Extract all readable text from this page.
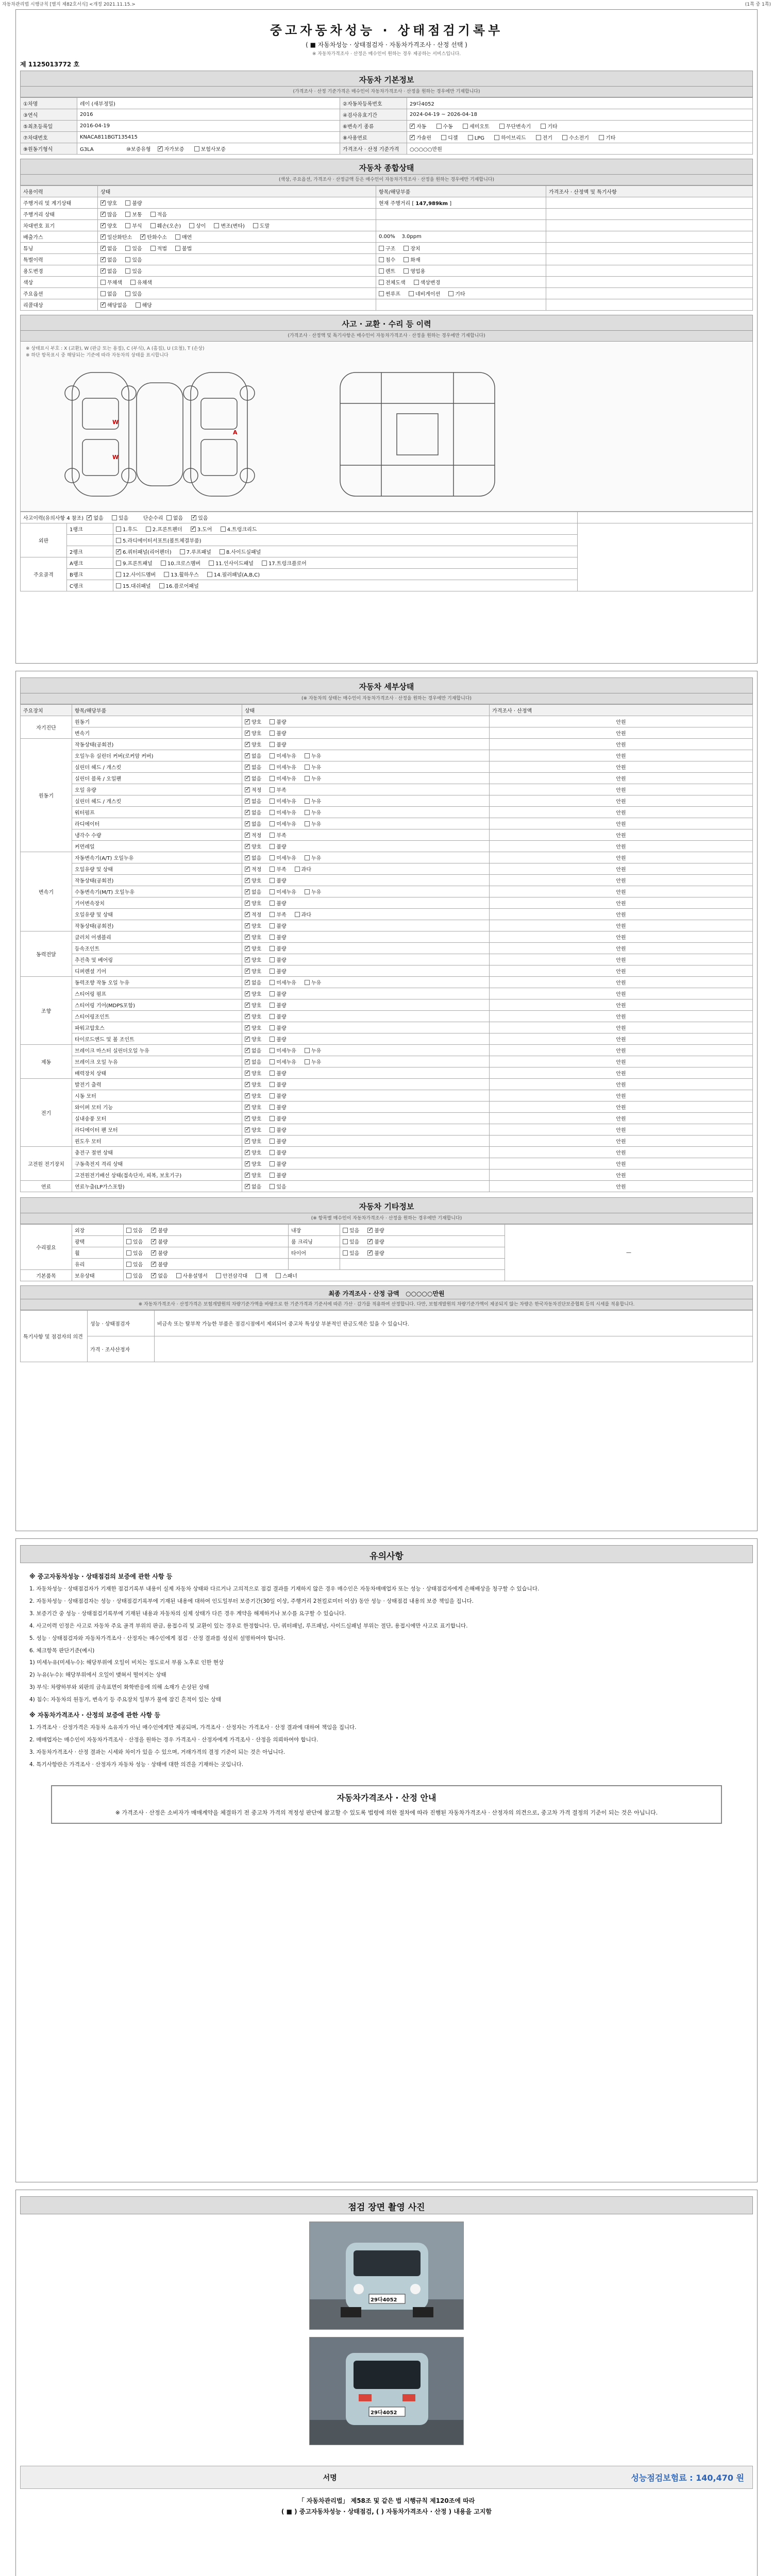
자동차관리법 시행규칙 [별지 제82호서식] <개정 2021.11.15.>	(1쪽 중 1쪽)
중고자동차성능 · 상태점검기록부
( ■ 자동차성능 · 상태점검자 · 자동차가격조사 · 산정 선택 )
※ 자동차가격조사 · 산정은 매수인이 원하는 경우 제공하는 서비스입니다.
제 1125013772 호
자동차 기본정보
(가격조사 · 산정 기준가격은 매수인이 자동차가격조사 · 산정을 원하는 경우에만 기재합니다)
①차명	레이 (새부정밀)	②자동차등록번호	29다4052
③연식	2016	④검사유효기간	2024-04-19 ~ 2026-04-18
⑤최초등록일	2016-04-19	⑥변속기 종류	✓자동 수동 세미오토 무단변속기 기타
⑦차대번호	KNACA811BGT135415	⑧사용연료	✓가솔린 디젤 LPG 하이브리드 전기 수소전기 기타
⑨원동기형식	G3LA ⑩보증유형 ✓ 자가보증 보험사보증	가격조사 · 산정 기준가격	○○○○○만원
자동차 종합상태
(색상, 주요옵션, 가격조사 · 산정금액 등은 매수인이 자동차가격조사 · 산정을 원하는 경우에만 기재합니다)
사용이력	상태	항목/해당부품	가격조사 · 산정액 및 특기사항
주행거리 및 계기상태	✓양호 불량	현재 주행거리 [ 147,989km ]	
주행거리 상태	✓많음 보통 적음		
차대번호 표기	✓양호 부식 훼손(오손) 상이 변조(변타) 도말		
배출가스	✓일산화탄소 ✓ 탄화수소 매연	0.00% 3.0ppm	
튜닝	✓없음 있음 적법 불법	구조 장치	
특별이력	✓없음 있음	침수 화재	
용도변경	✓없음 있음	렌트 영업용	
색상	무채색 유채색	전체도색 색상변경	
주요옵션	없음 있음	썬루프 네비게이션 기타	
리콜대상	✓해당없음 해당		
사고 · 교환 · 수리 등 이력
(가격조사 · 산정액 및 특기사항은 매수인이 자동차가격조사 · 산정을 원하는 경우에만 기재합니다)
※ 상태표시 부호 : X (교환), W (판금 또는 용접), C (부식), A (흠집), U (요철), T (손상)
※ 하단 항목표시 중 해당되는 기준에 따라 자동차의 상태를 표시합니다
W
W
A
사고이력(유의사항 4 참조) ✓ 없음 있음 단순수리 없음 ✓ 있음	
외판	1랭크	1.후드 2.프론트펜더 ✓ 3.도어 4.트렁크리드	
		5.라디에이터서포트(볼트체결부품)	
	2랭크	✓6.쿼터패널(리어펜더) 7.루프패널 8.사이드실패널
주요골격	A랭크	9.프론트패널 10.크로스멤버 11.인사이드패널 17.트렁크플로어	
	B랭크	12.사이드멤버 13.휠하우스 14.필러패널(A,B,C)	
	C랭크	15.대쉬패널 16.플로어패널	
자동차 세부상태
(※ 자동차의 상태는 매수인이 자동차가격조사 · 산정을 원하는 경우에만 기재합니다)
주요장치	항목/해당부품	상태	가격조사 · 산정액
자기진단	원동기	✓양호 불량	안원
	변속기	✓양호 불량	안원
원동기	작동상태(공회전)	✓양호 불량	안원
	오일누유 실린더 커버(로커암 커버)	✓없음 미세누유 누유	안원
	실린더 헤드 / 개스킷	✓없음 미세누유 누유	안원
	실린더 블록 / 오일팬	✓없음 미세누유 누유	안원
	오일 유량	✓적정 부족	안원
	실린더 헤드 / 개스킷	✓없음 미세누유 누유	안원
	워터펌프	✓없음 미세누유 누유	안원
	라디에이터	✓없음 미세누유 누유	안원
	냉각수 수량	✓적정 부족	안원
	커먼레일	✓양호 불량	안원
변속기	자동변속기(A/T) 오일누유	✓없음 미세누유 누유	안원
	오일유량 및 상태	✓적정 부족 과다	안원
	작동상태(공회전)	✓양호 불량	안원
	수동변속기(M/T) 오일누유	✓없음 미세누유 누유	안원
	기어변속장치	✓양호 불량	안원
	오일유량 및 상태	✓적정 부족 과다	안원
	작동상태(공회전)	✓양호 불량	안원
동력전달	클러치 어셈블리	✓양호 불량	안원
	등속조인트	✓양호 불량	안원
	추진축 및 베어링	✓양호 불량	안원
	디퍼렌셜 기어	✓양호 불량	안원
조향	동력조향 작동 오일 누유	✓없음 미세누유 누유	안원
	스티어링 펌프	✓양호 불량	안원
	스티어링 기어(MDPS포함)	✓양호 불량	안원
	스티어링조인트	✓양호 불량	안원
	파워고압호스	✓양호 불량	안원
	타이로드엔드 및 볼 조인트	✓양호 불량	안원
제동	브레이크 마스터 실린더오일 누유	✓없음 미세누유 누유	안원
	브레이크 오일 누유	✓없음 미세누유 누유	안원
	배력장치 상태	✓양호 불량	안원
전기	발전기 출력	✓양호 불량	안원
	시동 모터	✓양호 불량	안원
	와이퍼 모터 기능	✓양호 불량	안원
	실내송풍 모터	✓양호 불량	안원
	라디에이터 팬 모터	✓양호 불량	안원
	윈도우 모터	✓양호 불량	안원
고전원 전기장치	충전구 절연 상태	✓양호 불량	안원
	구동축전지 격리 상태	✓양호 불량	안원
	고전원전기배선 상태(접속단자, 피복, 보호기구)	✓양호 불량	안원
연료	연료누출(LP가스포함)	✓없음 있음	안원
자동차 기타정보
(※ 항목별 매수인이 자동차가격조사 · 산정을 원하는 경우에만 기재합니다)
수리필요	외장	있음 ✓ 불량	내장	있음 ✓ 불량	—
	광택	있음 ✓ 불량	룸 크리닝	있음 ✓ 불량
	휠	있음 ✓ 불량	타이어	있음 ✓ 불량
	유리	있음 ✓ 불량		
기본품목	보유상태	있음 ✓ 없음 사용설명서 안전삼각대 잭 스패너
최종 가격조사 · 산정 금액 ○○○○○만원
※ 자동차가격조사 · 산정가격은 보험개발원의 차량기준가액을 바탕으로 한 기준가격과 기준서에 따른 가산 · 감가를 적용하여 산정합니다. 다만, 보험개발원의 차량기준가액이 제공되지 않는 차량은 한국자동차진단보증협회 등의 시세를 적용합니다.
특기사항 및 점검자의 의견	성능 · 상태점검자	비금속 또는 탈부착 가능한 부품은 점검시점에서 제외되어 중고차 특성상 부분적인 판금도색은 있을 수 있습니다.
	가격 · 조사산정자	
유의사항
※ 중고자동차성능 · 상태점검의 보증에 관한 사항 등

1. 자동차성능 · 상태점검자가 기재한 점검기록부 내용이 실제 자동차 상태와 다르거나 고의적으로 점검 결과를 기재하지 않은 경우 매수인은 자동차매매업자 또는 성능 · 상태점검자에게 손해배상을 청구할 수 있습니다.

2. 자동차성능 · 상태점검자는 성능 · 상태점검기록부에 기재된 내용에 대하여 인도일부터 보증기간(30일 이상, 주행거리 2천킬로미터 이상) 동안 성능 · 상태점검 내용의 보증 책임을 집니다.

3. 보증기간 중 성능 · 상태점검기록부에 기재된 내용과 자동차의 실제 상태가 다른 경우 계약을 해제하거나 보수를 요구할 수 있습니다.

4. 사고이력 인정은 사고로 자동차 주요 골격 부위의 판금, 용접수리 및 교환이 있는 경우로 한정합니다. 단, 쿼터패널, 루프패널, 사이드실패널 부위는 절단, 용접시에만 사고로 표기합니다.

5. 성능 · 상태점검자와 자동차가격조사 · 산정자는 매수인에게 점검 · 산정 결과를 성실히 설명하여야 합니다.

6. 체크항목 판단기준(예시)

1) 미세누유(미세누수): 해당부위에 오일이 비치는 정도로서 부품 노후로 인한 현상

2) 누유(누수): 해당부위에서 오일이 맺혀서 떨어지는 상태

3) 부식: 차량하부와 외판의 금속표면이 화학반응에 의해 소재가 손상된 상태

4) 침수: 자동차의 원동기, 변속기 등 주요장치 일부가 물에 잠긴 흔적이 있는 상태

※ 자동차가격조사 · 산정의 보증에 관한 사항 등

1. 가격조사 · 산정가격은 자동차 소유자가 아닌 매수인에게만 제공되며, 가격조사 · 산정자는 가격조사 · 산정 결과에 대하여 책임을 집니다.

2. 매매업자는 매수인이 자동차가격조사 · 산정을 원하는 경우 가격조사 · 산정자에게 가격조사 · 산정을 의뢰하여야 합니다.

3. 자동차가격조사 · 산정 결과는 시세와 차이가 있을 수 있으며, 거래가격의 결정 기준이 되는 것은 아닙니다.

4. 특기사항란은 가격조사 · 산정자가 자동차 성능 · 상태에 대한 의견을 기재하는 곳입니다.

자동차가격조사 · 산정 안내
※ 가격조사 · 산정은 소비자가 매매계약을 체결하기 전 중고차 가격의 적정성 판단에 참고할 수 있도록 법령에 의한 절차에 따라 진행된 자동차가격조사 · 산정자의 의견으로, 중고차 가격 결정의 기준이 되는 것은 아닙니다.
점검 장면 촬영 사진
29다4052
29다4052
서명	성능점검보험료 : 140,470 원
「 자동차관리법」 제58조 및 같은 법 시행규칙 제120조에 따라
( ■ ) 중고자동차성능 · 상태점검, ( ) 자동차가격조사 · 산정 ) 내용을 고지함
